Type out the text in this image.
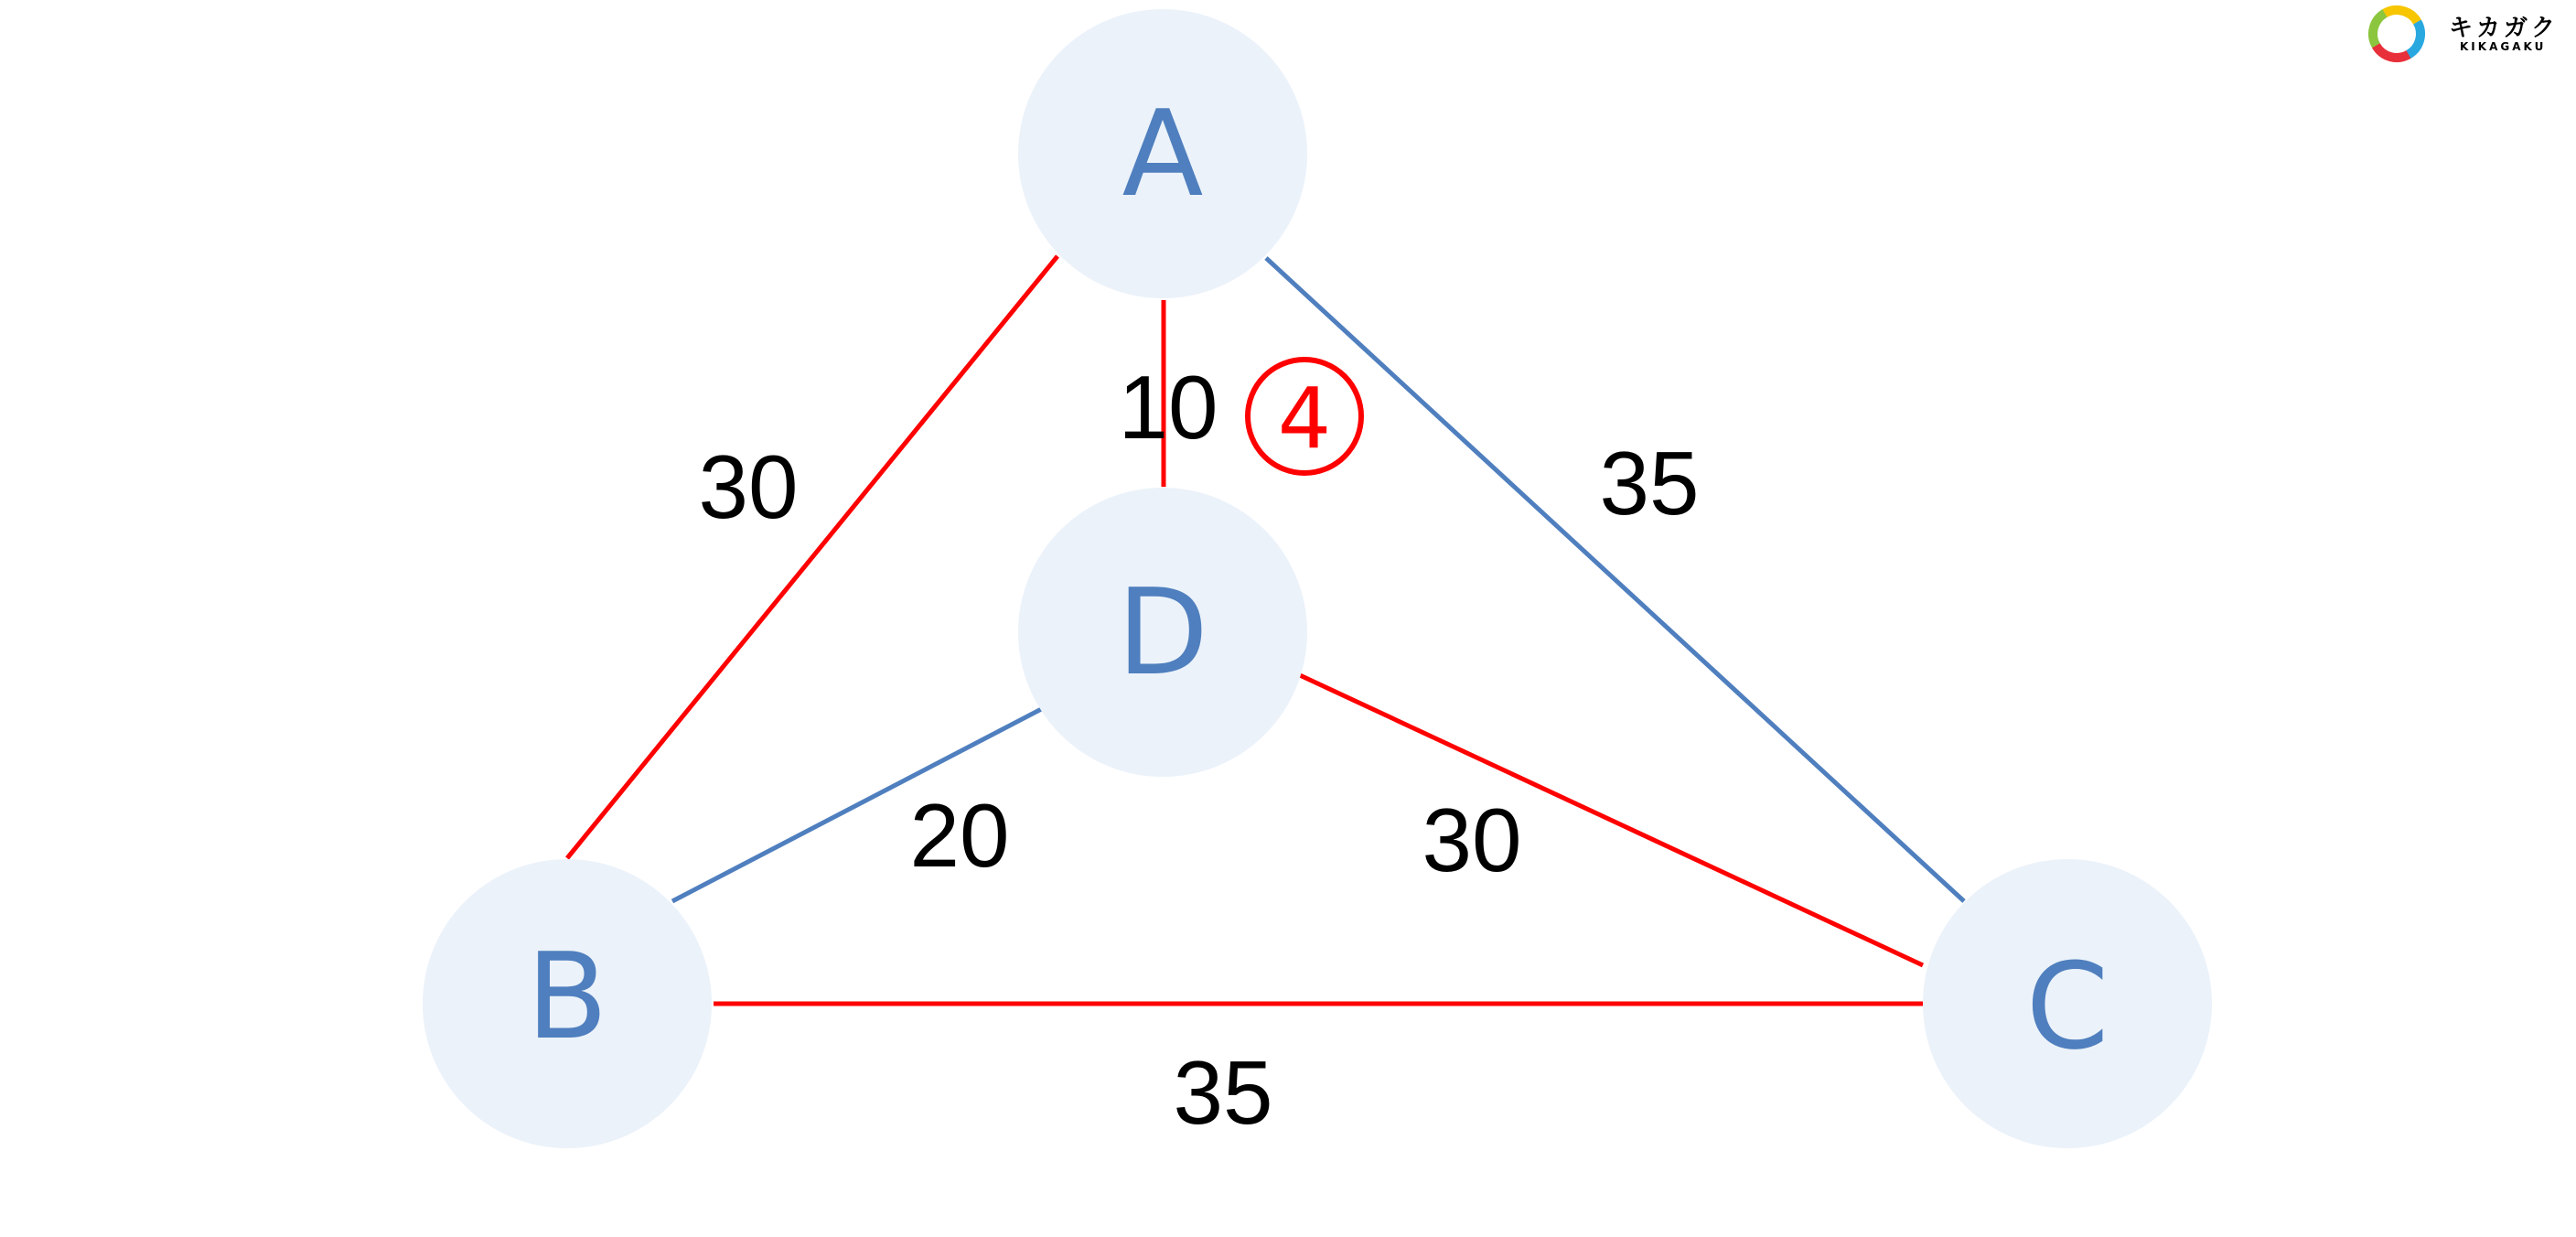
A
D
B	C
30
10
35
20	30
35
4
キカガク
KIKAGAKU
